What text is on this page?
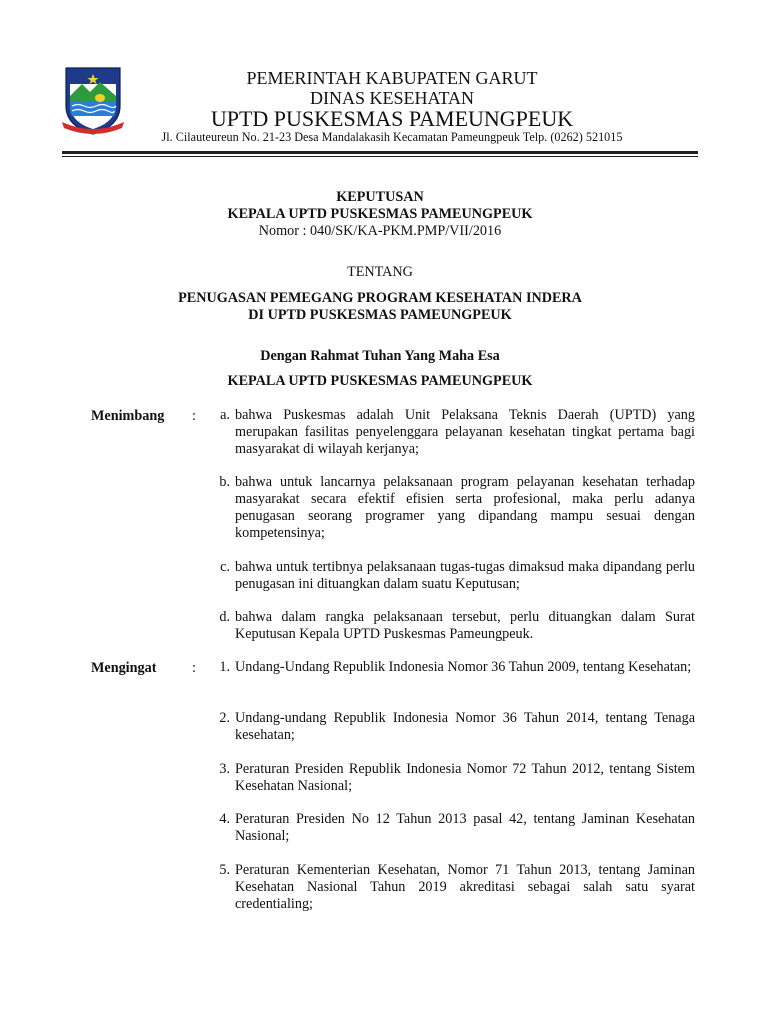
PEMERINTAH KABUPATEN GARUT
DINAS KESEHATAN
UPTD PUSKESMAS PAMEUNGPEUK
Jl. Cilauteureun No. 21-23 Desa Mandalakasih Kecamatan Pameungpeuk Telp. (0262) 521015
KEPUTUSAN
KEPALA UPTD PUSKESMAS PAMEUNGPEUK
Nomor : 040/SK/KA-PKM.PMP/VII/2016
TENTANG
PENUGASAN PEMEGANG PROGRAM KESEHATAN INDERA
DI UPTD PUSKESMAS PAMEUNGPEUK
Dengan Rahmat Tuhan Yang Maha Esa
KEPALA UPTD PUSKESMAS PAMEUNGPEUK
Menimbang :	a. bahwa Puskesmas adalah Unit Pelaksana Teknis Daerah (UPTD) yang merupakan fasilitas penyelenggara pelayanan kesehatan tingkat pertama bagi masyarakat di wilayah kerjanya;
b. bahwa untuk lancarnya pelaksanaan program pelayanan kesehatan terhadap masyarakat secara efektif efisien serta profesional, maka perlu adanya penugasan seorang programer yang dipandang mampu sesuai dengan kompetensinya;
c. bahwa untuk tertibnya pelaksanaan tugas-tugas dimaksud maka dipandang perlu penugasan ini dituangkan dalam suatu Keputusan;
d. bahwa dalam rangka pelaksanaan tersebut, perlu dituangkan dalam Surat Keputusan Kepala UPTD Puskesmas Pameungpeuk.
Mengingat	:	1. Undang-Undang Republik Indonesia Nomor 36 Tahun 2009, tentang Kesehatan;
2. Undang-undang Republik Indonesia Nomor 36 Tahun 2014, tentang Tenaga kesehatan;
3. Peraturan Presiden Republik Indonesia Nomor 72 Tahun 2012, tentang Sistem Kesehatan Nasional;
4. Peraturan Presiden No 12 Tahun 2013 pasal 42, tentang Jaminan Kesehatan Nasional;
5. Peraturan Kementerian Kesehatan, Nomor 71 Tahun 2013, tentang Jaminan Kesehatan Nasional Tahun 2019 akreditasi sebagai salah satu syarat credentialing;
